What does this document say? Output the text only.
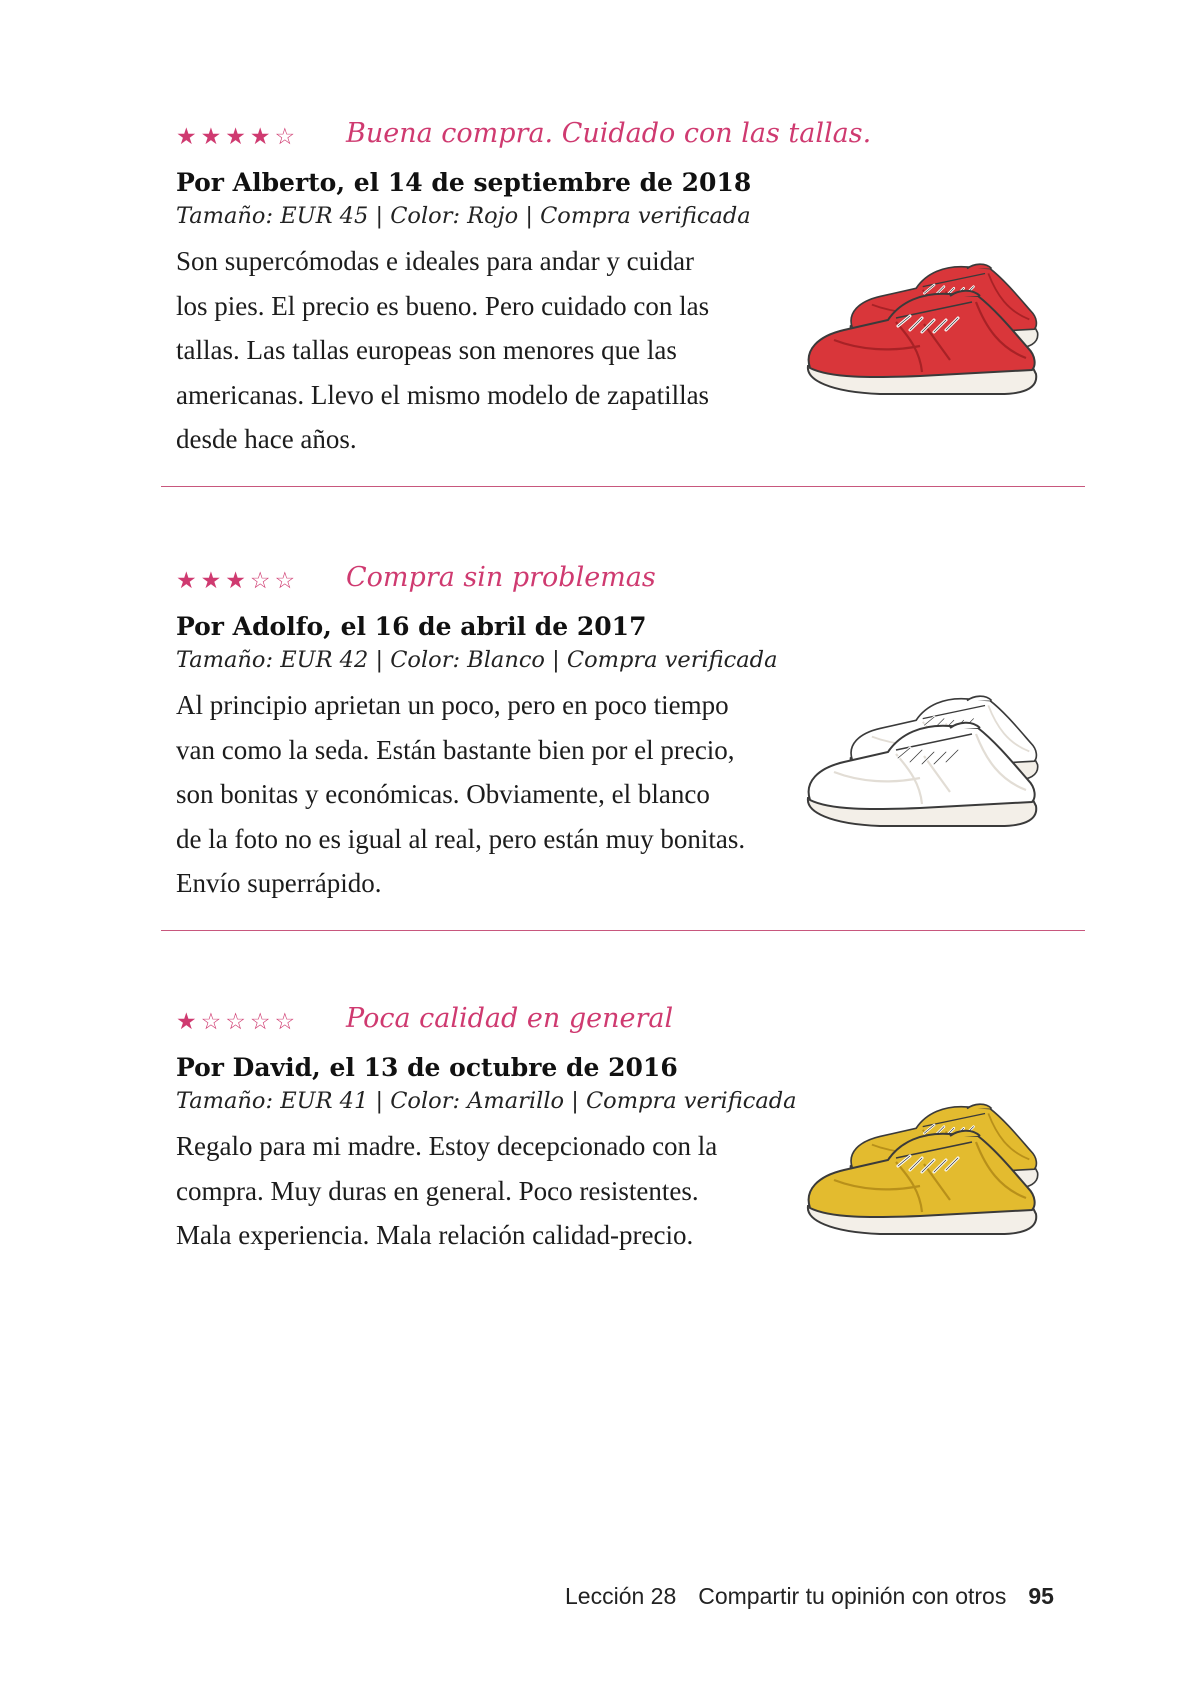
★★★★☆ Buena compra. Cuidado con las tallas.
Por Alberto, el 14 de septiembre de 2018
Tamaño: EUR 45 | Color: Rojo | Compra verificada
Son supercómodas e ideales para andar y cuidar
los pies. El precio es bueno. Pero cuidado con las
tallas. Las tallas europeas son menores que las
americanas. Llevo el mismo modelo de zapatillas
desde hace años.
★★★☆☆ Compra sin problemas
Por Adolfo, el 16 de abril de 2017
Tamaño: EUR 42 | Color: Blanco | Compra verificada
Al principio aprietan un poco, pero en poco tiempo
van como la seda. Están bastante bien por el precio,
son bonitas y económicas. Obviamente, el blanco
de la foto no es igual al real, pero están muy bonitas.
Envío superrápido.
★☆☆☆☆ Poca calidad en general
Por David, el 13 de octubre de 2016
Tamaño: EUR 41 | Color: Amarillo | Compra verificada
Regalo para mi madre. Estoy decepcionado con la
compra. Muy duras en general. Poco resistentes.
Mala experiencia. Mala relación calidad-precio.
Lección 28 Compartir tu opinión con otros 95
